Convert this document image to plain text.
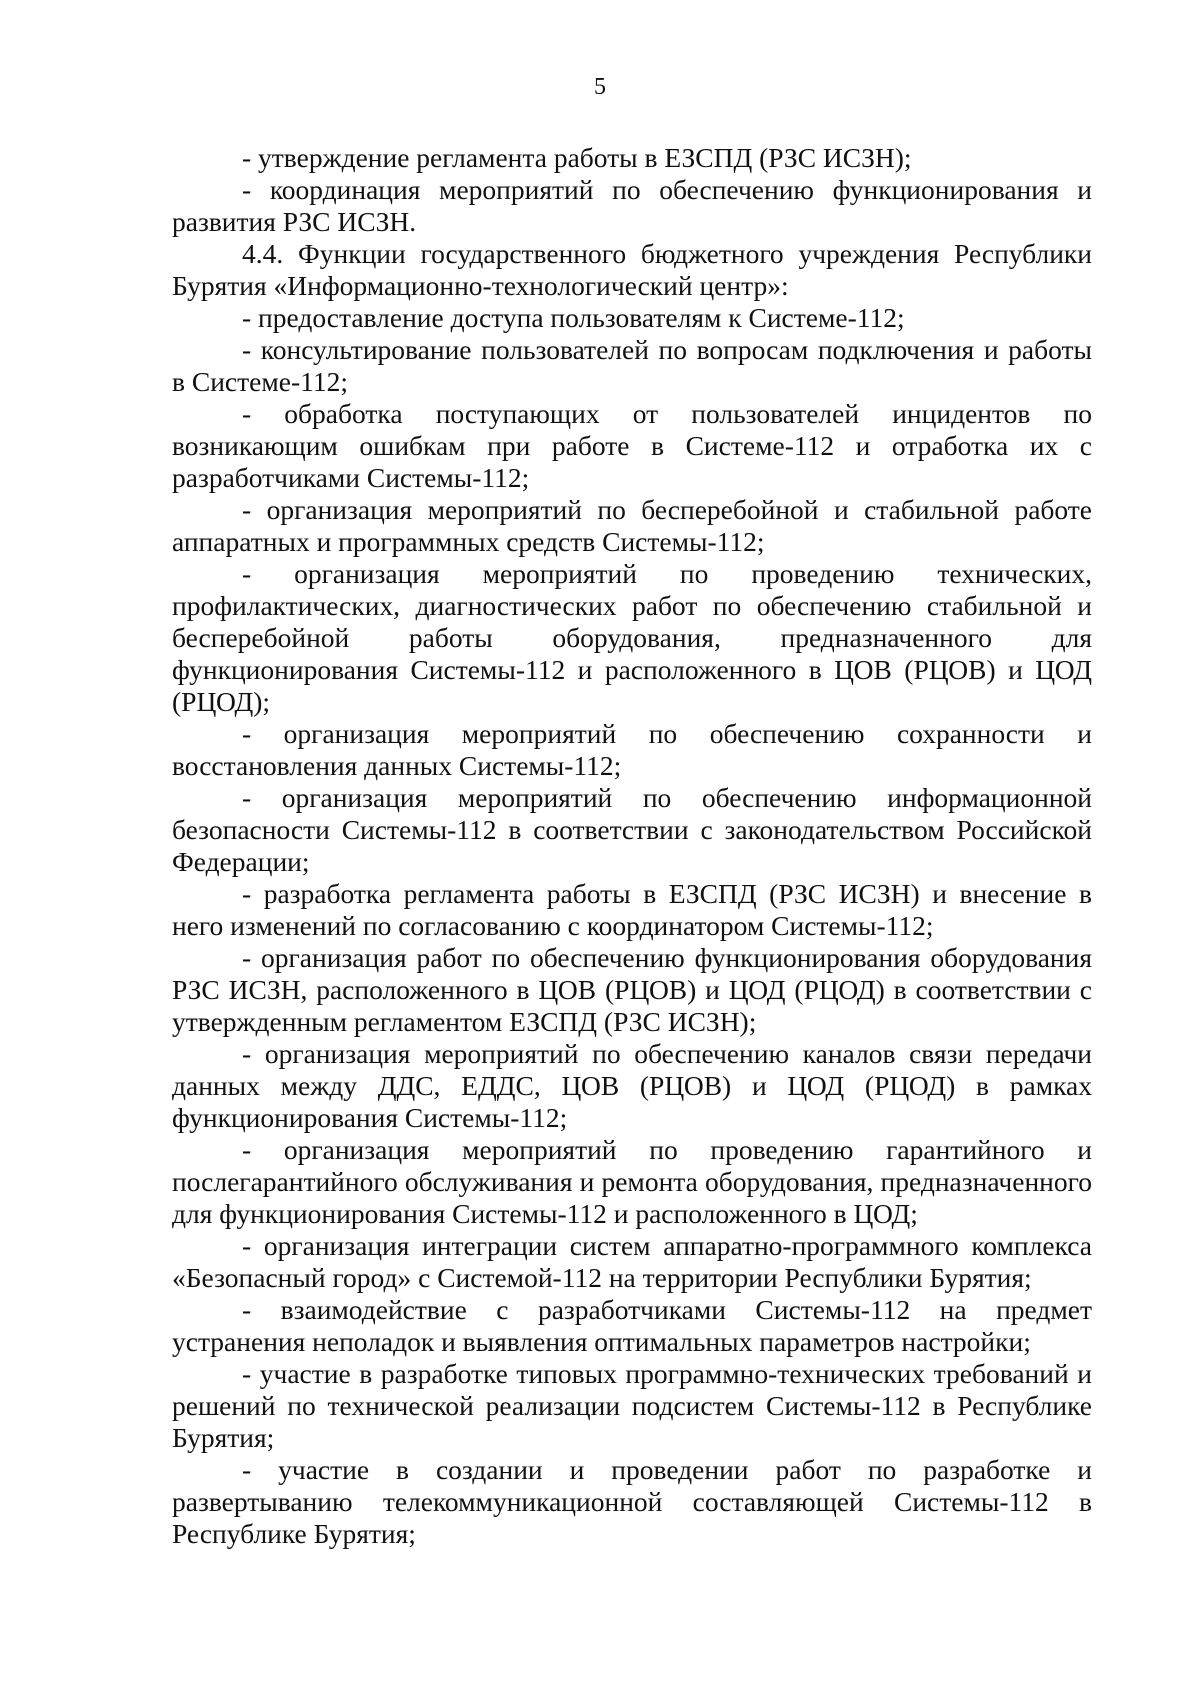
5

- утверждение регламента работы в ЕЗСПД (РЗС ИСЗН);

- координация мероприятий по обеспечению функционирования и развития РЗС ИСЗН.

4.4. Функции государственного бюджетного учреждения Республики Бурятия «Информационно-технологический центр»:

- предоставление доступа пользователям к Системе-112;

- консультирование пользователей по вопросам подключения и работы в Системе-112;

- обработка поступающих от пользователей инцидентов по возникающим ошибкам при работе в Системе-112 и отработка их с разработчиками Системы-112;

- организация мероприятий по бесперебойной и стабильной работе аппаратных и программных средств Системы-112;

- организация мероприятий по проведению технических, профилактических, диагностических работ по обеспечению стабильной и бесперебойной работы оборудования, предназначенного для функционирования Системы-112 и расположенного в ЦОВ (РЦОВ) и ЦОД (РЦОД);

- организация мероприятий по обеспечению сохранности и восстановления данных Системы-112;

- организация мероприятий по обеспечению информационной безопасности Системы-112 в соответствии с законодательством Российской Федерации;

- разработка регламента работы в ЕЗСПД (РЗС ИСЗН) и внесение в него изменений по согласованию с координатором Системы-112;

- организация работ по обеспечению функционирования оборудования РЗС ИСЗН, расположенного в ЦОВ (РЦОВ) и ЦОД (РЦОД) в соответствии с утвержденным регламентом ЕЗСПД (РЗС ИСЗН);

- организация мероприятий по обеспечению каналов связи передачи данных между ДДС, ЕДДС, ЦОВ (РЦОВ) и ЦОД (РЦОД) в рамках функционирования Системы-112;

- организация мероприятий по проведению гарантийного и послегарантийного обслуживания и ремонта оборудования, предназначенного для функционирования Системы-112 и расположенного в ЦОД;

- организация интеграции систем аппаратно-программного комплекса «Безопасный город» с Системой-112 на территории Республики Бурятия;

- взаимодействие с разработчиками Системы-112 на предмет устранения неполадок и выявления оптимальных параметров настройки;

- участие в разработке типовых программно-технических требований и решений по технической реализации подсистем Системы-112 в Республике Бурятия;

- участие в создании и проведении работ по разработке и развертыванию телекоммуникационной составляющей Системы-112 в Республике Бурятия;
